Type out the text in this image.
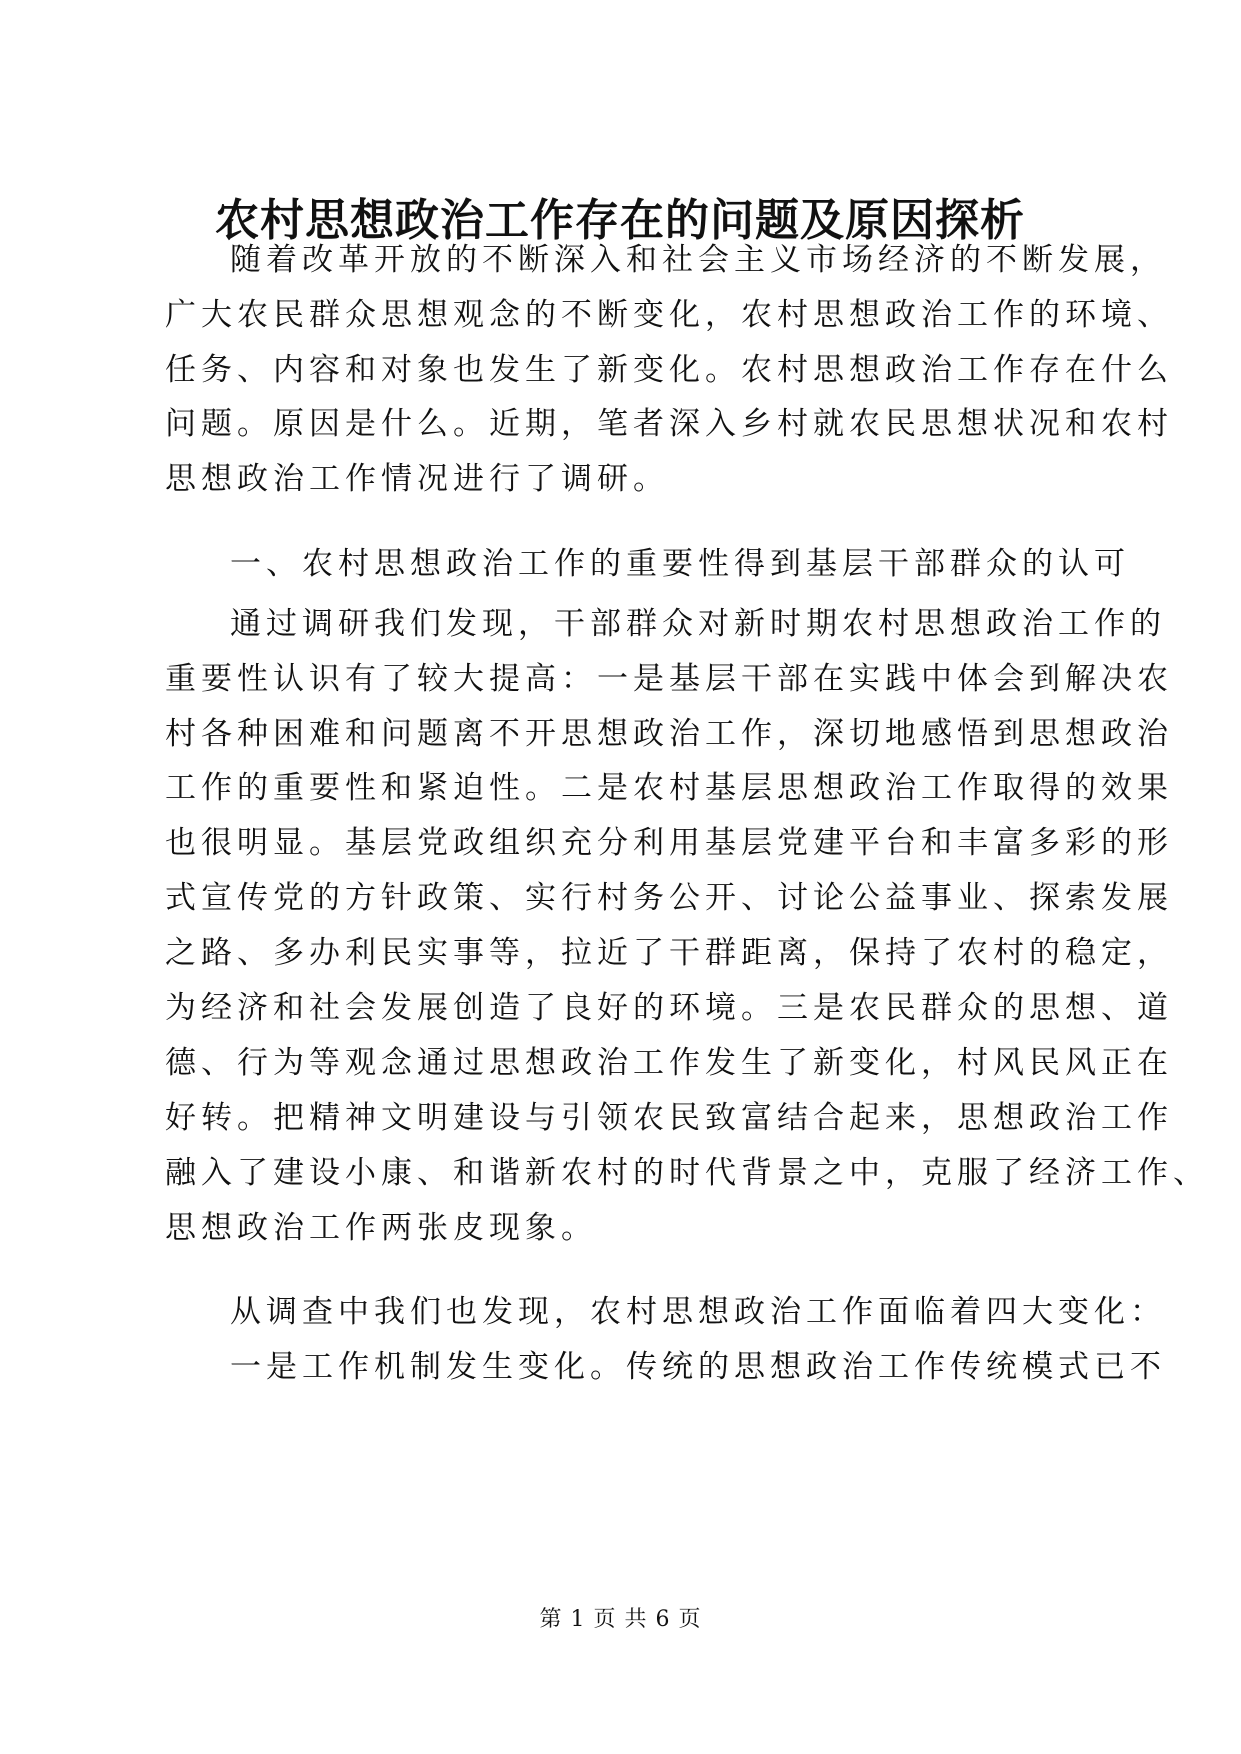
农村思想政治工作存在的问题及原因探析

随着改革开放的不断深入和社会主义市场经济的不断发展，

广大农民群众思想观念的不断变化，农村思想政治工作的环境、

任务、内容和对象也发生了新变化。农村思想政治工作存在什么

问题。原因是什么。近期，笔者深入乡村就农民思想状况和农村

思想政治工作情况进行了调研。

一、农村思想政治工作的重要性得到基层干部群众的认可

通过调研我们发现，干部群众对新时期农村思想政治工作的

重要性认识有了较大提高：一是基层干部在实践中体会到解决农

村各种困难和问题离不开思想政治工作，深切地感悟到思想政治

工作的重要性和紧迫性。二是农村基层思想政治工作取得的效果

也很明显。基层党政组织充分利用基层党建平台和丰富多彩的形

式宣传党的方针政策、实行村务公开、讨论公益事业、探索发展

之路、多办利民实事等，拉近了干群距离，保持了农村的稳定，

为经济和社会发展创造了良好的环境。三是农民群众的思想、道

德、行为等观念通过思想政治工作发生了新变化，村风民风正在

好转。把精神文明建设与引领农民致富结合起来，思想政治工作

融入了建设小康、和谐新农村的时代背景之中，克服了经济工作、

思想政治工作两张皮现象。

从调查中我们也发现，农村思想政治工作面临着四大变化：

一是工作机制发生变化。传统的思想政治工作传统模式已不

第 1 页 共 6 页
